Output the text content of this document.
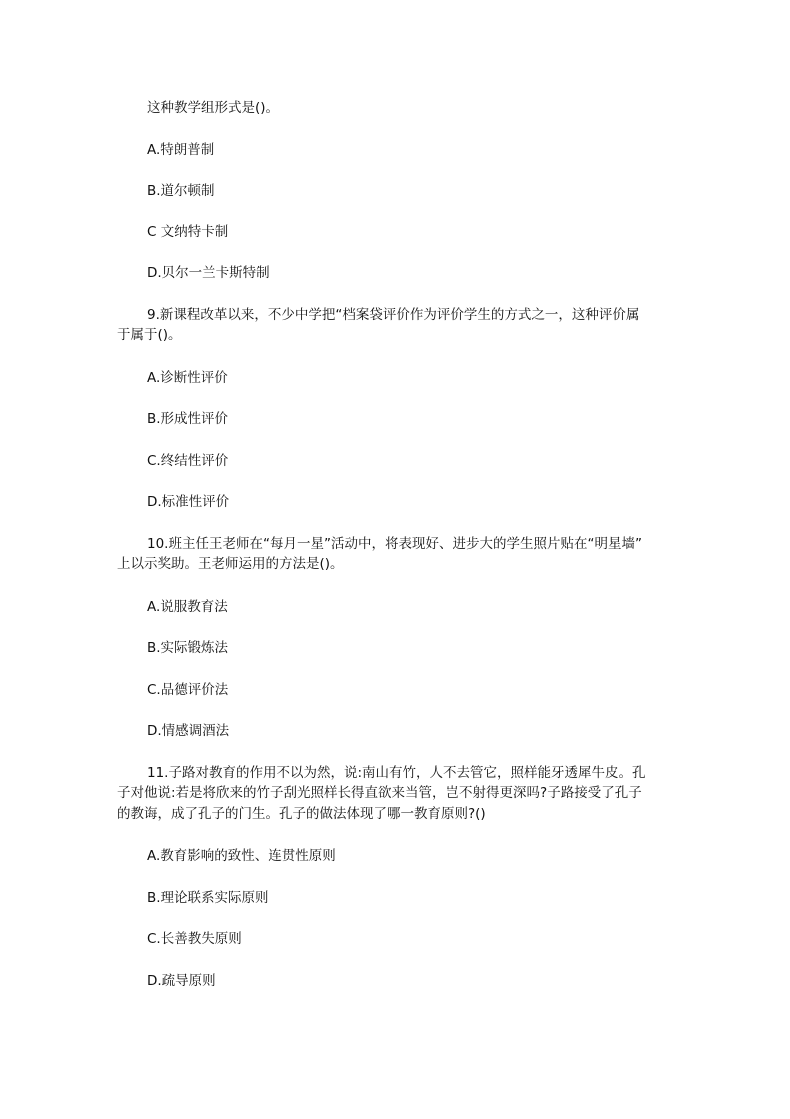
这种教学组形式是()。

A.特朗普制

B.道尔顿制

C 文纳特卡制

D.贝尔一兰卡斯特制

9.新课程改革以来，不少中学把“档案袋评价作为评价学生的方式之一，这种评价属

于属于()。

A.诊断性评价

B.形成性评价

C.终结性评价

D.标准性评价

10.班主任王老师在“每月一星”活动中，将表现好、进步大的学生照片贴在“明星墙”

上以示奖助。王老师运用的方法是()。

A.说服教育法

B.实际锻炼法

C.品德评价法

D.情感调酒法

11.子路对教育的作用不以为然，说:南山有竹，人不去管它，照样能牙透犀牛皮。孔

子对他说:若是将欣来的竹子刮光照样长得直欲来当管，岂不射得更深吗?子路接受了孔子

的教诲，成了孔子的门生。孔子的做法体现了哪一教育原则?()

A.教育影响的致性、连贯性原则

B.理论联系实际原则

C.长善教失原则

D.疏导原则
